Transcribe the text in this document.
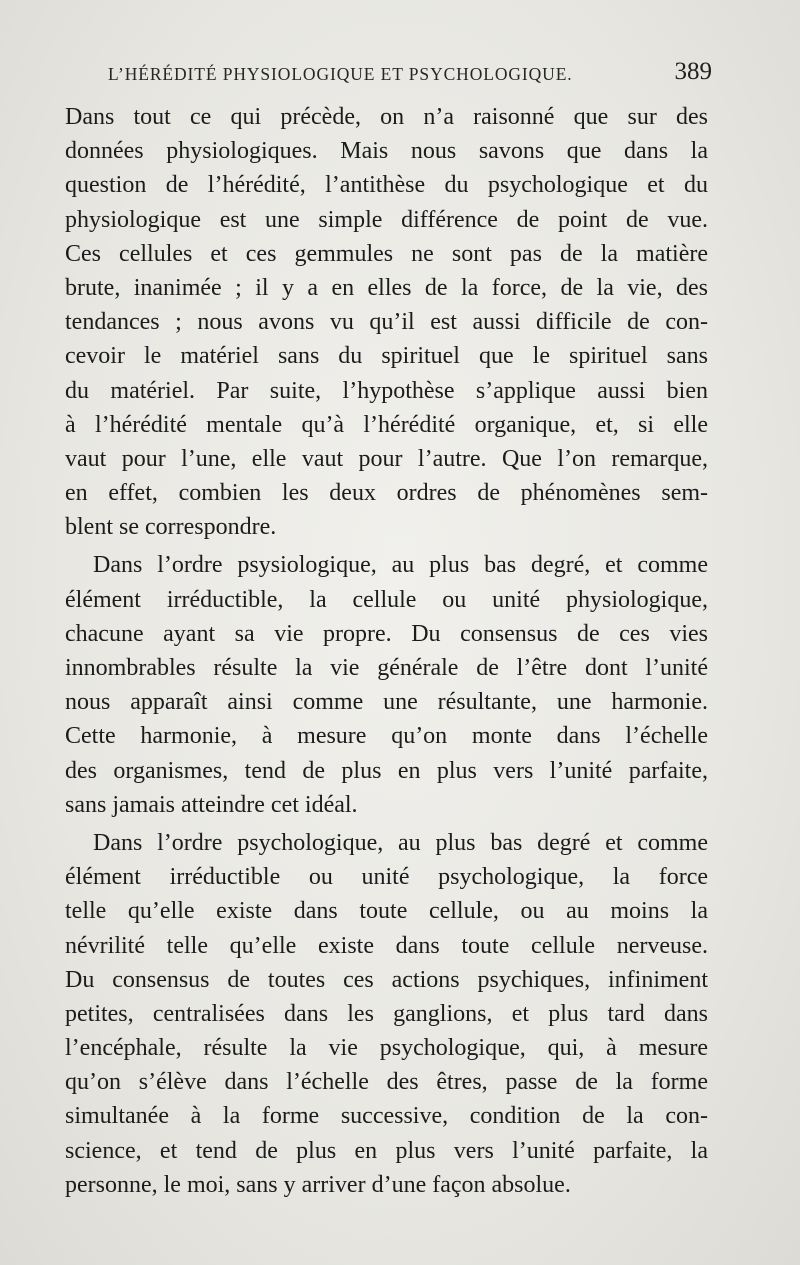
L’HÉRÉDITÉ PHYSIOLOGIQUE ET PSYCHOLOGIQUE.	389
Dans tout ce qui précède, on n’a raisonné que sur des
données physiologiques. Mais nous savons que dans la
question de l’hérédité, l’antithèse du psychologique et du
physiologique est une simple différence de point de vue.
Ces cellules et ces gemmules ne sont pas de la matière
brute, inanimée ; il y a en elles de la force, de la vie, des
tendances ; nous avons vu qu’il est aussi difficile de con-
cevoir le matériel sans du spirituel que le spirituel sans
du matériel. Par suite, l’hypothèse s’applique aussi bien
à l’hérédité mentale qu’à l’hérédité organique, et, si elle
vaut pour l’une, elle vaut pour l’autre. Que l’on remarque,
en effet, combien les deux ordres de phénomènes sem-
blent se correspondre.
Dans l’ordre psysiologique, au plus bas degré, et comme
élément irréductible, la cellule ou unité physiologique,
chacune ayant sa vie propre. Du consensus de ces vies
innombrables résulte la vie générale de l’être dont l’unité
nous apparaît ainsi comme une résultante, une harmonie.
Cette harmonie, à mesure qu’on monte dans l’échelle
des organismes, tend de plus en plus vers l’unité parfaite,
sans jamais atteindre cet idéal.
Dans l’ordre psychologique, au plus bas degré et comme
élément irréductible ou unité psychologique, la force
telle qu’elle existe dans toute cellule, ou au moins la
névrilité telle qu’elle existe dans toute cellule nerveuse.
Du consensus de toutes ces actions psychiques, infiniment
petites, centralisées dans les ganglions, et plus tard dans
l’encéphale, résulte la vie psychologique, qui, à mesure
qu’on s’élève dans l’échelle des êtres, passe de la forme
simultanée à la forme successive, condition de la con-
science, et tend de plus en plus vers l’unité parfaite, la
personne, le moi, sans y arriver d’une façon absolue.
